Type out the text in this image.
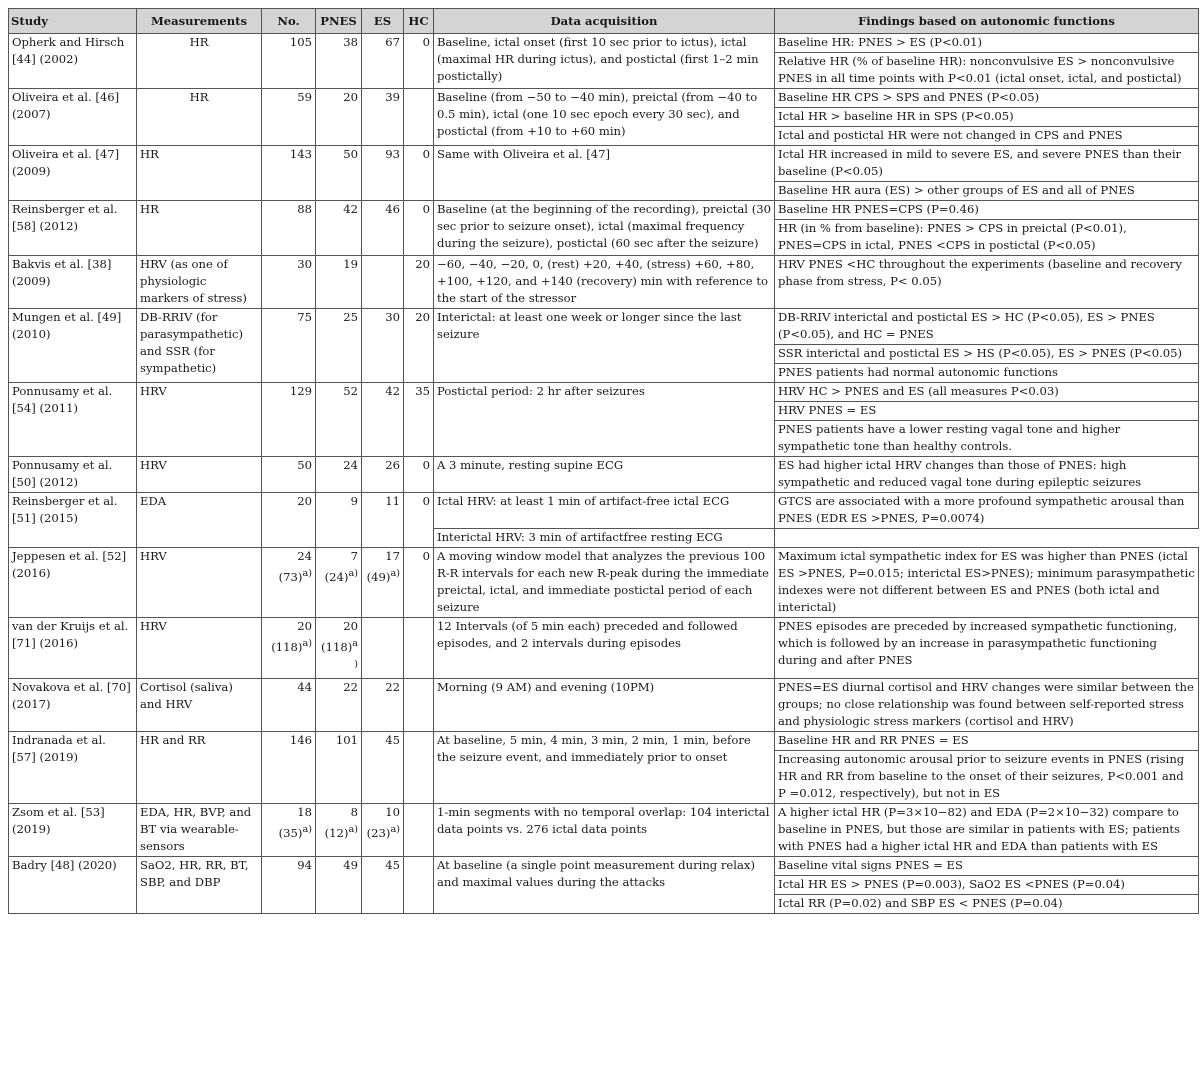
Study	Measurements	No.	PNES	ES	HC	Data acquisition	Findings based on autonomic functions
Opherk and Hirsch [44] (2002)	HR	105	38	67	0	Baseline, ictal onset (first 10 sec prior to ictus), ictal (maximal HR during ictus), and postictal (first 1–2 min postictally)	Baseline HR: PNES > ES (P<0.01)
							Relative HR (% of baseline HR): nonconvulsive ES > nonconvulsive PNES in all time points with P<0.01 (ictal onset, ictal, and postictal)
Oliveira et al. [46] (2007)	HR	59	20	39		Baseline (from −50 to −40 min), preictal (from −40 to 0.5 min), ictal (one 10 sec epoch every 30 sec), and postictal (from +10 to +60 min)	Baseline HR CPS > SPS and PNES (P<0.05)
							Ictal HR > baseline HR in SPS (P<0.05)
							Ictal and postictal HR were not changed in CPS and PNES
Oliveira et al. [47] (2009)	HR	143	50	93	0	Same with Oliveira et al. [47]	Ictal HR increased in mild to severe ES, and severe PNES than their baseline (P<0.05)
							Baseline HR aura (ES) > other groups of ES and all of PNES
Reinsberger et al. [58] (2012)	HR	88	42	46	0	Baseline (at the beginning of the recording), preictal (30 sec prior to seizure onset), ictal (maximal frequency during the seizure), postictal (60 sec after the seizure)	Baseline HR PNES=CPS (P=0.46)
							HR (in % from baseline): PNES > CPS in preictal (P<0.01), PNES=CPS in ictal, PNES <CPS in postictal (P<0.05)
Bakvis et al. [38] (2009)	HRV (as one of physiologic markers of stress)	30	19		20	−60, −40, −20, 0, (rest) +20, +40, (stress) +60, +80, +100, +120, and +140 (recovery) min with reference to the start of the stressor	HRV PNES <HC throughout the experiments (baseline and recovery phase from stress, P< 0.05)
Mungen et al. [49] (2010)	DB-RRIV (for parasympathetic) and SSR (for sympathetic)	75	25	30	20	Interictal: at least one week or longer since the last seizure	DB-RRIV interictal and postictal ES > HC (P<0.05), ES > PNES (P<0.05), and HC = PNES
							SSR interictal and postictal ES > HS (P<0.05), ES > PNES (P<0.05)
							PNES patients had normal autonomic functions
Ponnusamy et al. [54] (2011)	HRV	129	52	42	35	Postictal period: 2 hr after seizures	HRV HC > PNES and ES (all measures P<0.03)
							HRV PNES = ES
							PNES patients have a lower resting vagal tone and higher sympathetic tone than healthy controls.
Ponnusamy et al. [50] (2012)	HRV	50	24	26	0	A 3 minute, resting supine ECG	ES had higher ictal HRV changes than those of PNES: high sympathetic and reduced vagal tone during epileptic seizures
Reinsberger et al. [51] (2015)	EDA	20	9	11	0	Ictal HRV: at least 1 min of artifact-free ictal ECG	GTCS are associated with a more profound sympathetic arousal than PNES (EDR ES >PNES, P=0.0074)
						Interictal HRV: 3 min of artifactfree resting ECG	
Jeppesen et al. [52] (2016)	HRV	24 $(73)^{a)}$	7 $(24)^{a)}$	17 $(49)^{a)}$	0	A moving window model that analyzes the previous 100 R-R intervals for each new R-peak during the immediate preictal, ictal, and immediate postictal period of each seizure	Maximum ictal sympathetic index for ES was higher than PNES (ictal ES >PNES, P=0.015; interictal ES>PNES); minimum parasympathetic indexes were not different between ES and PNES (both ictal and interictal)
van der Kruijs et al. [71] (2016)	HRV	20 $(118)^{a)}$	20 $(118)^{a)}$			12 Intervals (of 5 min each) preceded and followed episodes, and 2 intervals during episodes	PNES episodes are preceded by increased sympathetic functioning, which is followed by an increase in parasympathetic functioning during and after PNES
Novakova et al. [70] (2017)	Cortisol (saliva) and HRV	44	22	22		Morning (9 AM) and evening (10PM)	PNES=ES diurnal cortisol and HRV changes were similar between the groups; no close relationship was found between self-reported stress and physiologic stress markers (cortisol and HRV)
Indranada et al. [57] (2019)	HR and RR	146	101	45		At baseline, 5 min, 4 min, 3 min, 2 min, 1 min, before the seizure event, and immediately prior to onset	Baseline HR and RR PNES = ES
							Increasing autonomic arousal prior to seizure events in PNES (rising HR and RR from baseline to the onset of their seizures, P<0.001 and P =0.012, respectively), but not in ES
Zsom et al. [53] (2019)	EDA, HR, BVP, and BT via wearable-sensors	18 $(35)^{a)}$	8 $(12)^{a)}$	10 $(23)^{a)}$		1-min segments with no temporal overlap: 104 interictal data points vs. 276 ictal data points	A higher ictal HR (P=3×10−82) and EDA (P=2×10−32) compare to baseline in PNES, but those are similar in patients with ES; patients with PNES had a higher ictal HR and EDA than patients with ES
Badry [48] (2020)	SaO2, HR, RR, BT, SBP, and DBP	94	49	45		At baseline (a single point measurement during relax) and maximal values during the attacks	Baseline vital signs PNES = ES
							Ictal HR ES > PNES (P=0.003), SaO2 ES <PNES (P=0.04)
							Ictal RR (P=0.02) and SBP ES < PNES (P=0.04)
